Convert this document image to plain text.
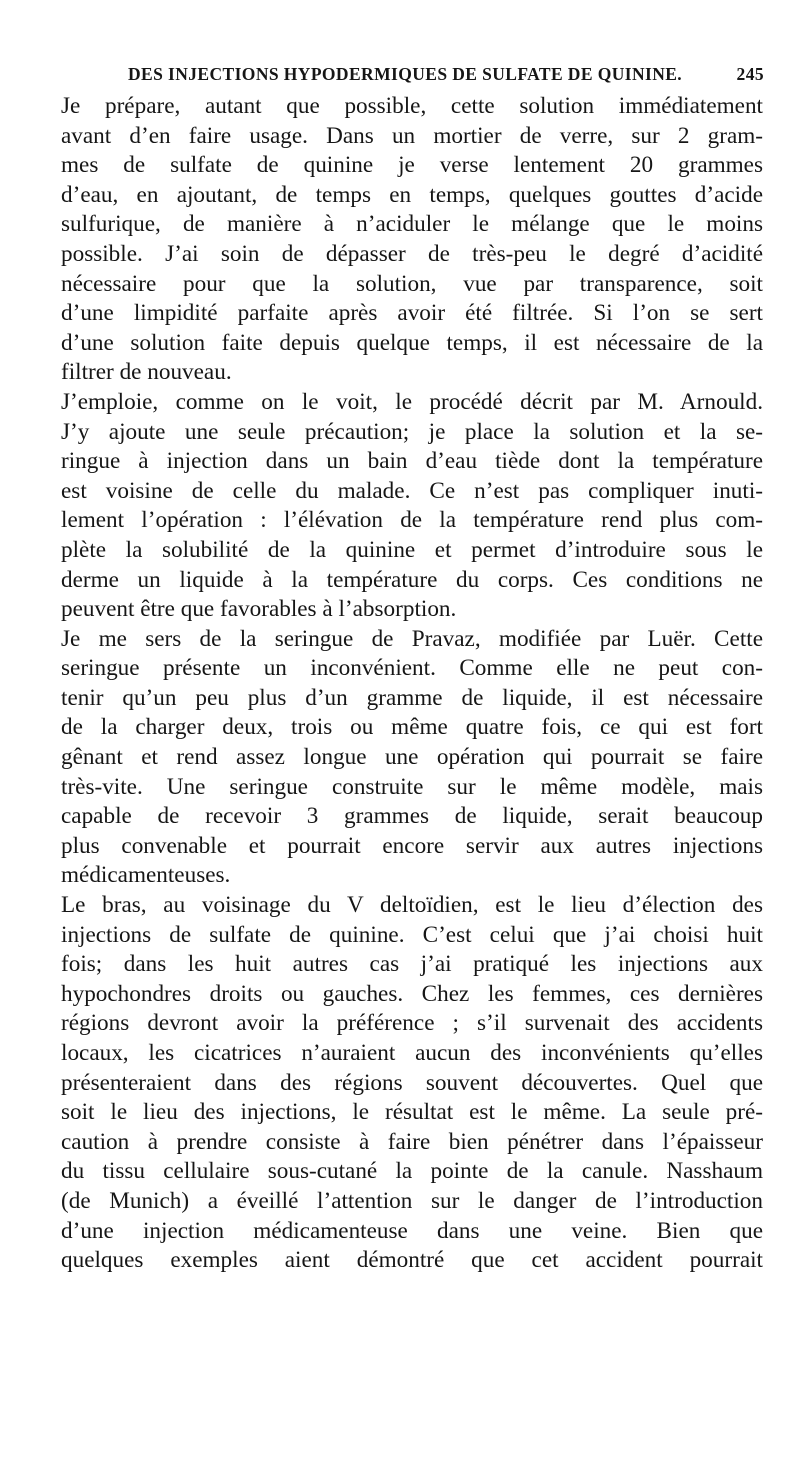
DES INJECTIONS HYPODERMIQUES DE SULFATE DE QUININE.	245
Je prépare, autant que possible, cette solution immédiatement
avant d’en faire usage. Dans un mortier de verre, sur 2 gram-
mes de sulfate de quinine je verse lentement 20 grammes
d’eau, en ajoutant, de temps en temps, quelques gouttes d’acide
sulfurique, de manière à n’aciduler le mélange que le moins
possible. J’ai soin de dépasser de très-peu le degré d’acidité
nécessaire pour que la solution, vue par transparence, soit
d’une limpidité parfaite après avoir été filtrée. Si l’on se sert
d’une solution faite depuis quelque temps, il est nécessaire de la
filtrer de nouveau.
J’emploie, comme on le voit, le procédé décrit par M. Arnould.
J’y ajoute une seule précaution; je place la solution et la se-
ringue à injection dans un bain d’eau tiède dont la température
est voisine de celle du malade. Ce n’est pas compliquer inuti-
lement l’opération : l’élévation de la température rend plus com-
plète la solubilité de la quinine et permet d’introduire sous le
derme un liquide à la température du corps. Ces conditions ne
peuvent être que favorables à l’absorption.
Je me sers de la seringue de Pravaz, modifiée par Luër. Cette
seringue présente un inconvénient. Comme elle ne peut con-
tenir qu’un peu plus d’un gramme de liquide, il est nécessaire
de la charger deux, trois ou même quatre fois, ce qui est fort
gênant et rend assez longue une opération qui pourrait se faire
très-vite. Une seringue construite sur le même modèle, mais
capable de recevoir 3 grammes de liquide, serait beaucoup
plus convenable et pourrait encore servir aux autres injections
médicamenteuses.
Le bras, au voisinage du V deltoïdien, est le lieu d’élection des
injections de sulfate de quinine. C’est celui que j’ai choisi huit
fois; dans les huit autres cas j’ai pratiqué les injections aux
hypochondres droits ou gauches. Chez les femmes, ces dernières
régions devront avoir la préférence ; s’il survenait des accidents
locaux, les cicatrices n’auraient aucun des inconvénients qu’elles
présenteraient dans des régions souvent découvertes. Quel que
soit le lieu des injections, le résultat est le même. La seule pré-
caution à prendre consiste à faire bien pénétrer dans l’épaisseur
du tissu cellulaire sous-cutané la pointe de la canule. Nasshaum
(de Munich) a éveillé l’attention sur le danger de l’introduction
d’une injection médicamenteuse dans une veine. Bien que
quelques exemples aient démontré que cet accident pourrait
